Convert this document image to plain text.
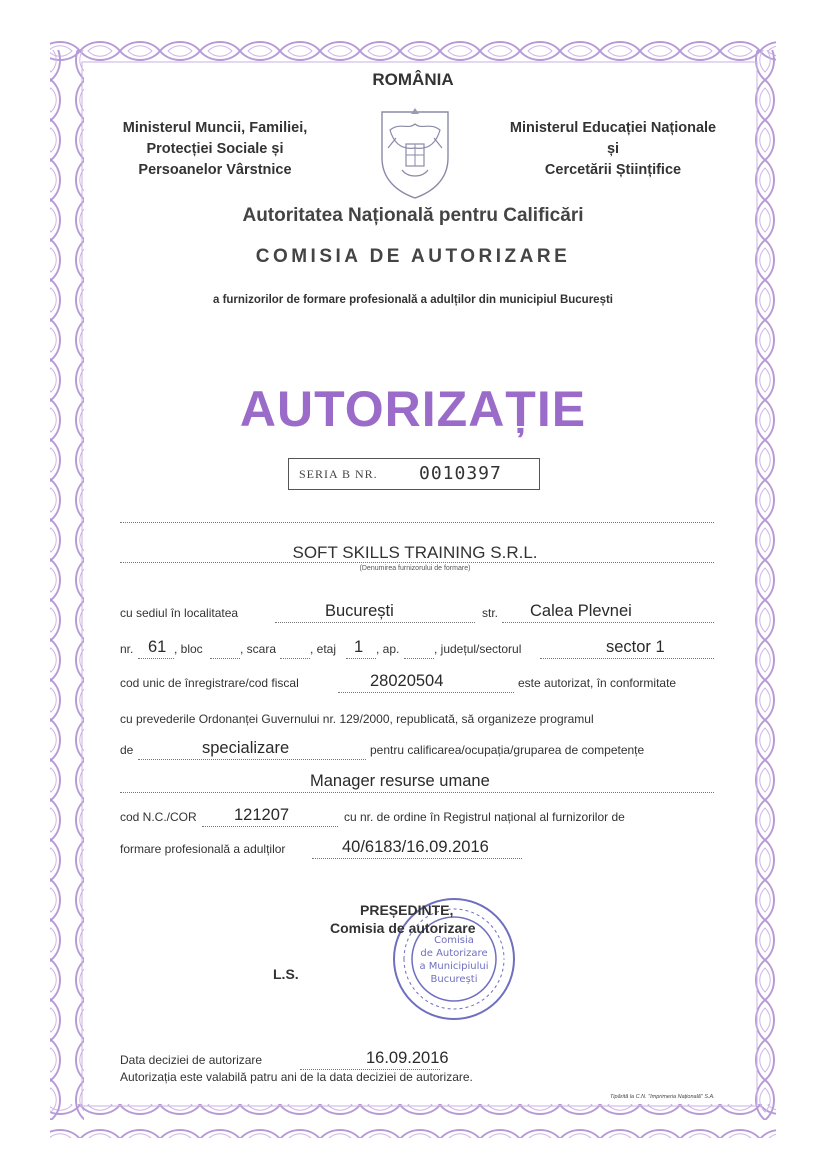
ROMÂNIA
Ministerul Muncii, Familiei,
Protecției Sociale și
Persoanelor Vârstnice
Ministerul Educației Naționale
și
Cercetării Științifice
Autoritatea Națională pentru Calificări
COMISIA DE AUTORIZARE
a furnizorilor de formare profesională a adulților din municipiul București
AUTORIZAȚIE
SERIA B NR. 0010397
SOFT SKILLS TRAINING S.R.L.
(Denumirea furnizorului de formare)
cu sediul în localitatea	București	str. Calea Plevnei
nr. 61 , bloc	, scara	, etaj 1 , ap.	, județul/sectorul	sector 1
cod unic de înregistrare/cod fiscal	28020504	este autorizat, în conformitate
cu prevederile Ordonanței Guvernului nr. 129/2000, republicată, să organizeze programul
de	specializare	pentru calificarea/ocupația/gruparea de competențe
Manager resurse umane
cod N.C./COR 121207	cu nr. de ordine în Registrul național al furnizorilor de
formare profesională a adulților	40/6183/16.09.2016
Comisia
de Autorizare
a Municipiului
București
PREȘEDINTE,
Comisia de autorizare
L.S.
Data deciziei de autorizare	16.09.2016
Autorizația este valabilă patru ani de la data deciziei de autorizare.
Tipărită la C.N. "Imprimeria Națională" S.A.
